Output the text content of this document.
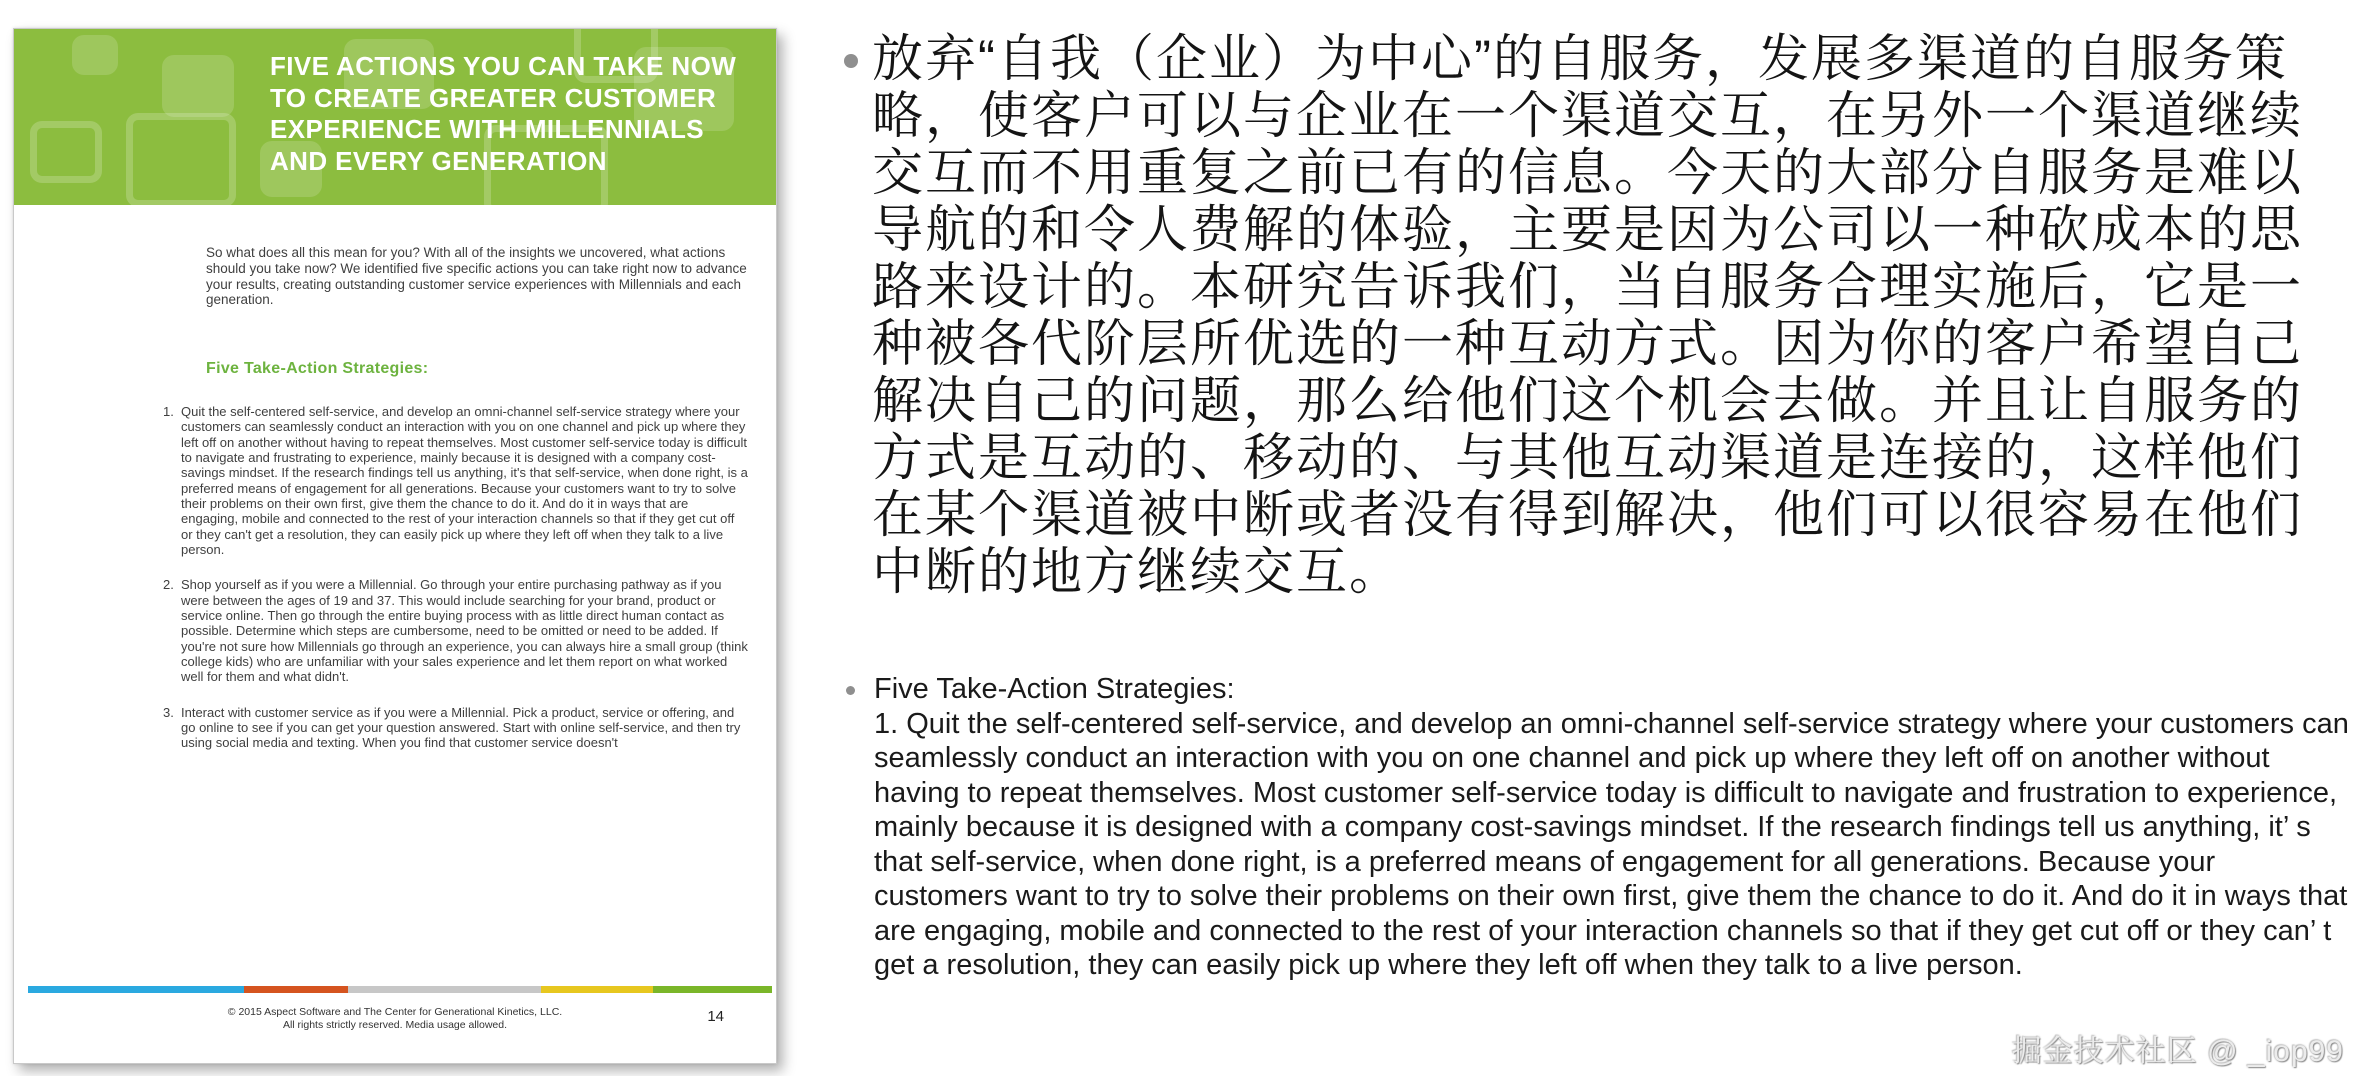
FIVE ACTIONS YOU CAN TAKE NOW TO CREATE GREATER CUSTOMER EXPERIENCE WITH MILLENNIALS AND EVERY GENERATION

So what does all this mean for you? With all of the insights we uncovered, what actions should you take now? We identified five specific actions you can take right now to advance your results, creating outstanding customer service experiences with Millennials and each generation.

Five Take-Action Strategies:
1. Quit the self-centered self-service, and develop an omni-channel self-service strategy where your customers can seamlessly conduct an interaction with you on one channel and pick up where they left off on another without having to repeat themselves. Most customer self-service today is difficult to navigate and frustrating to experience, mainly because it is designed with a company cost-savings mindset. If the research findings tell us anything, it's that self-service, when done right, is a preferred means of engagement for all generations. Because your customers want to try to solve their problems on their own first, give them the chance to do it. And do it in ways that are engaging, mobile and connected to the rest of your interaction channels so that if they get cut off or they can't get a resolution, they can easily pick up where they left off when they talk to a live person.
2. Shop yourself as if you were a Millennial. Go through your entire purchasing pathway as if you were between the ages of 19 and 37. This would include searching for your brand, product or service online. Then go through the entire buying process with as little direct human contact as possible. Determine which steps are cumbersome, need to be omitted or need to be added. If you're not sure how Millennials go through an experience, you can always hire a small group (think college kids) who are unfamiliar with your sales experience and let them report on what worked well for them and what didn't.
3. Interact with customer service as if you were a Millennial. Pick a product, service or offering, and go online to see if you can get your question answered. Start with online self-service, and then try using social media and texting. When you find that customer service doesn't
© 2015 Aspect Software and The Center for Generational Kinetics, LLC.
All rights strictly reserved. Media usage allowed.
14
放弃“自我（企业）为中心”的自服务，发展多渠道的自服务策略，使客户可以与企业在一个渠道交互，在另外一个渠道继续交互而不用重复之前已有的信息。今天的大部分自服务是难以导航的和令人费解的体验，主要是因为公司以一种砍成本的思路来设计的。本研究告诉我们，当自服务合理实施后，它是一种被各代阶层所优选的一种互动方式。因为你的客户希望自己解决自己的问题，那么给他们这个机会去做。并且让自服务的方式是互动的、移动的、与其他互动渠道是连接的，这样他们在某个渠道被中断或者没有得到解决，他们可以很容易在他们中断的地方继续交互。
Five Take-Action Strategies:
1. Quit the self-centered self-service, and develop an omni-channel self-service strategy where your customers can seamlessly conduct an interaction with you on one channel and pick up where they left off on another without having to repeat themselves. Most customer self-service today is difficult to navigate and frustration to experience, mainly because it is designed with a company cost-savings mindset. If the research findings tell us anything, it’ s that self-service, when done right, is a preferred means of engagement for all generations. Because your customers want to try to solve their problems on their own first, give them the chance to do it. And do it in ways that are engaging, mobile and connected to the rest of your interaction channels so that if they get cut off or they can’ t get a resolution, they can easily pick up where they left off when they talk to a live person.
掘金技术社区 @ _iop99
